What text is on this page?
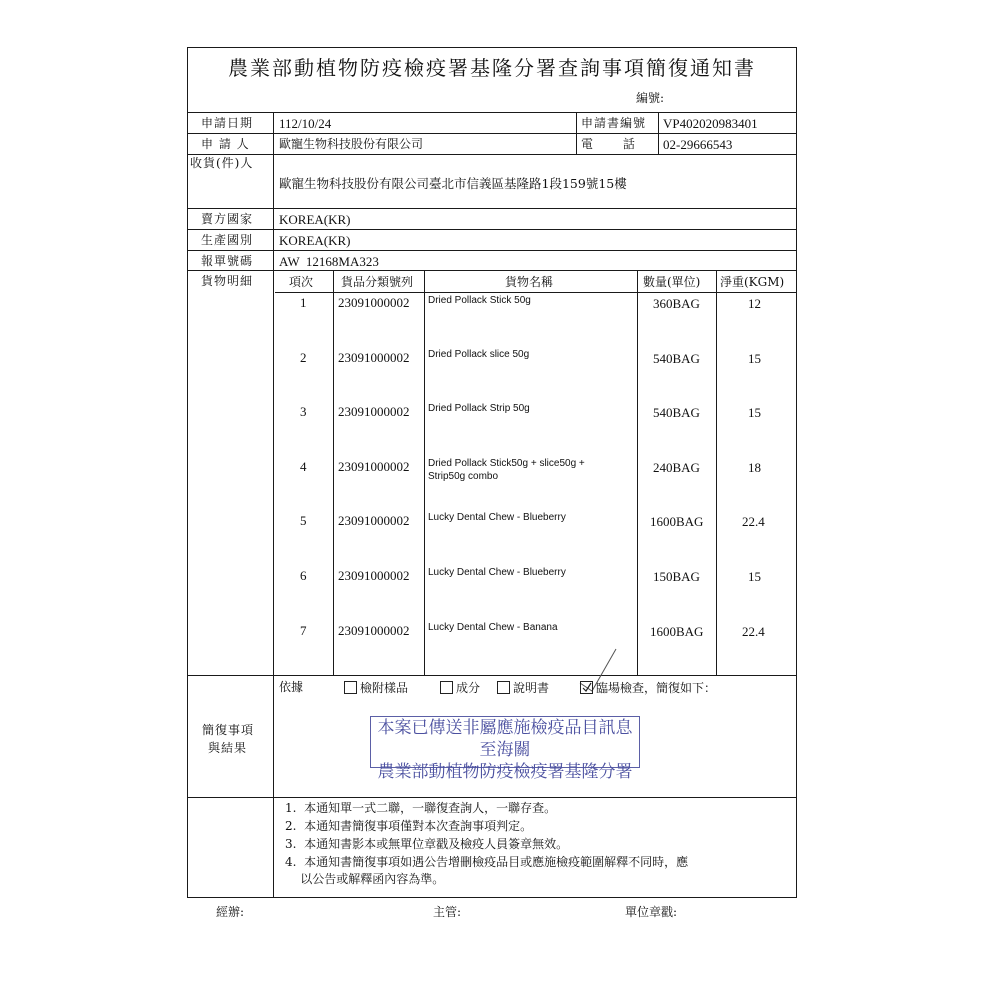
農業部動植物防疫檢疫署基隆分署查詢事項簡復通知書
編號:
申請日期 112/10/24	申請書編號 VP402020983401
申 請 人 歐寵生物科技股份有限公司	電      話 02-29666543
收貨(件)人
歐寵生物科技股份有限公司臺北市信義區基隆路1段159號15樓
賣方國家 KOREA(KR)
生產國別 KOREA(KR)
報單號碼 AW  12168MA323
貨物明細	項次 貨品分類號列	貨物名稱	數量(單位) 淨重(KGM)
1 23091000002 Dried Pollack Stick 50g	360BAG	12
2 23091000002 Dried Pollack slice 50g	540BAG	15
3 23091000002 Dried Pollack Strip 50g	540BAG	15
4 23091000002 Dried Pollack Stick50g + slice50g +
Strip50g combo
240BAG	18
5 23091000002 Lucky Dental Chew - Blueberry	1600BAG	22.4
6 23091000002 Lucky Dental Chew - Blueberry	150BAG	15
7 23091000002 Lucky Dental Chew - Banana	1600BAG	22.4
簡復事項
與結果
依據	檢附樣品	成分	說明書	臨場檢查，簡復如下：
本案已傳送非屬應施檢疫品目訊息至海關
農業部動植物防疫檢疫署基隆分署
1.  本通知單一式二聯，一聯復查詢人，一聯存查。
2.  本通知書簡復事項僅對本次查詢事項判定。
3.  本通知書影本或無單位章戳及檢疫人員簽章無效。
4.  本通知書簡復事項如遇公告增刪檢疫品目或應施檢疫範圍解釋不同時，應
以公告或解釋函內容為準。
經辦:	主管:	單位章戳:
